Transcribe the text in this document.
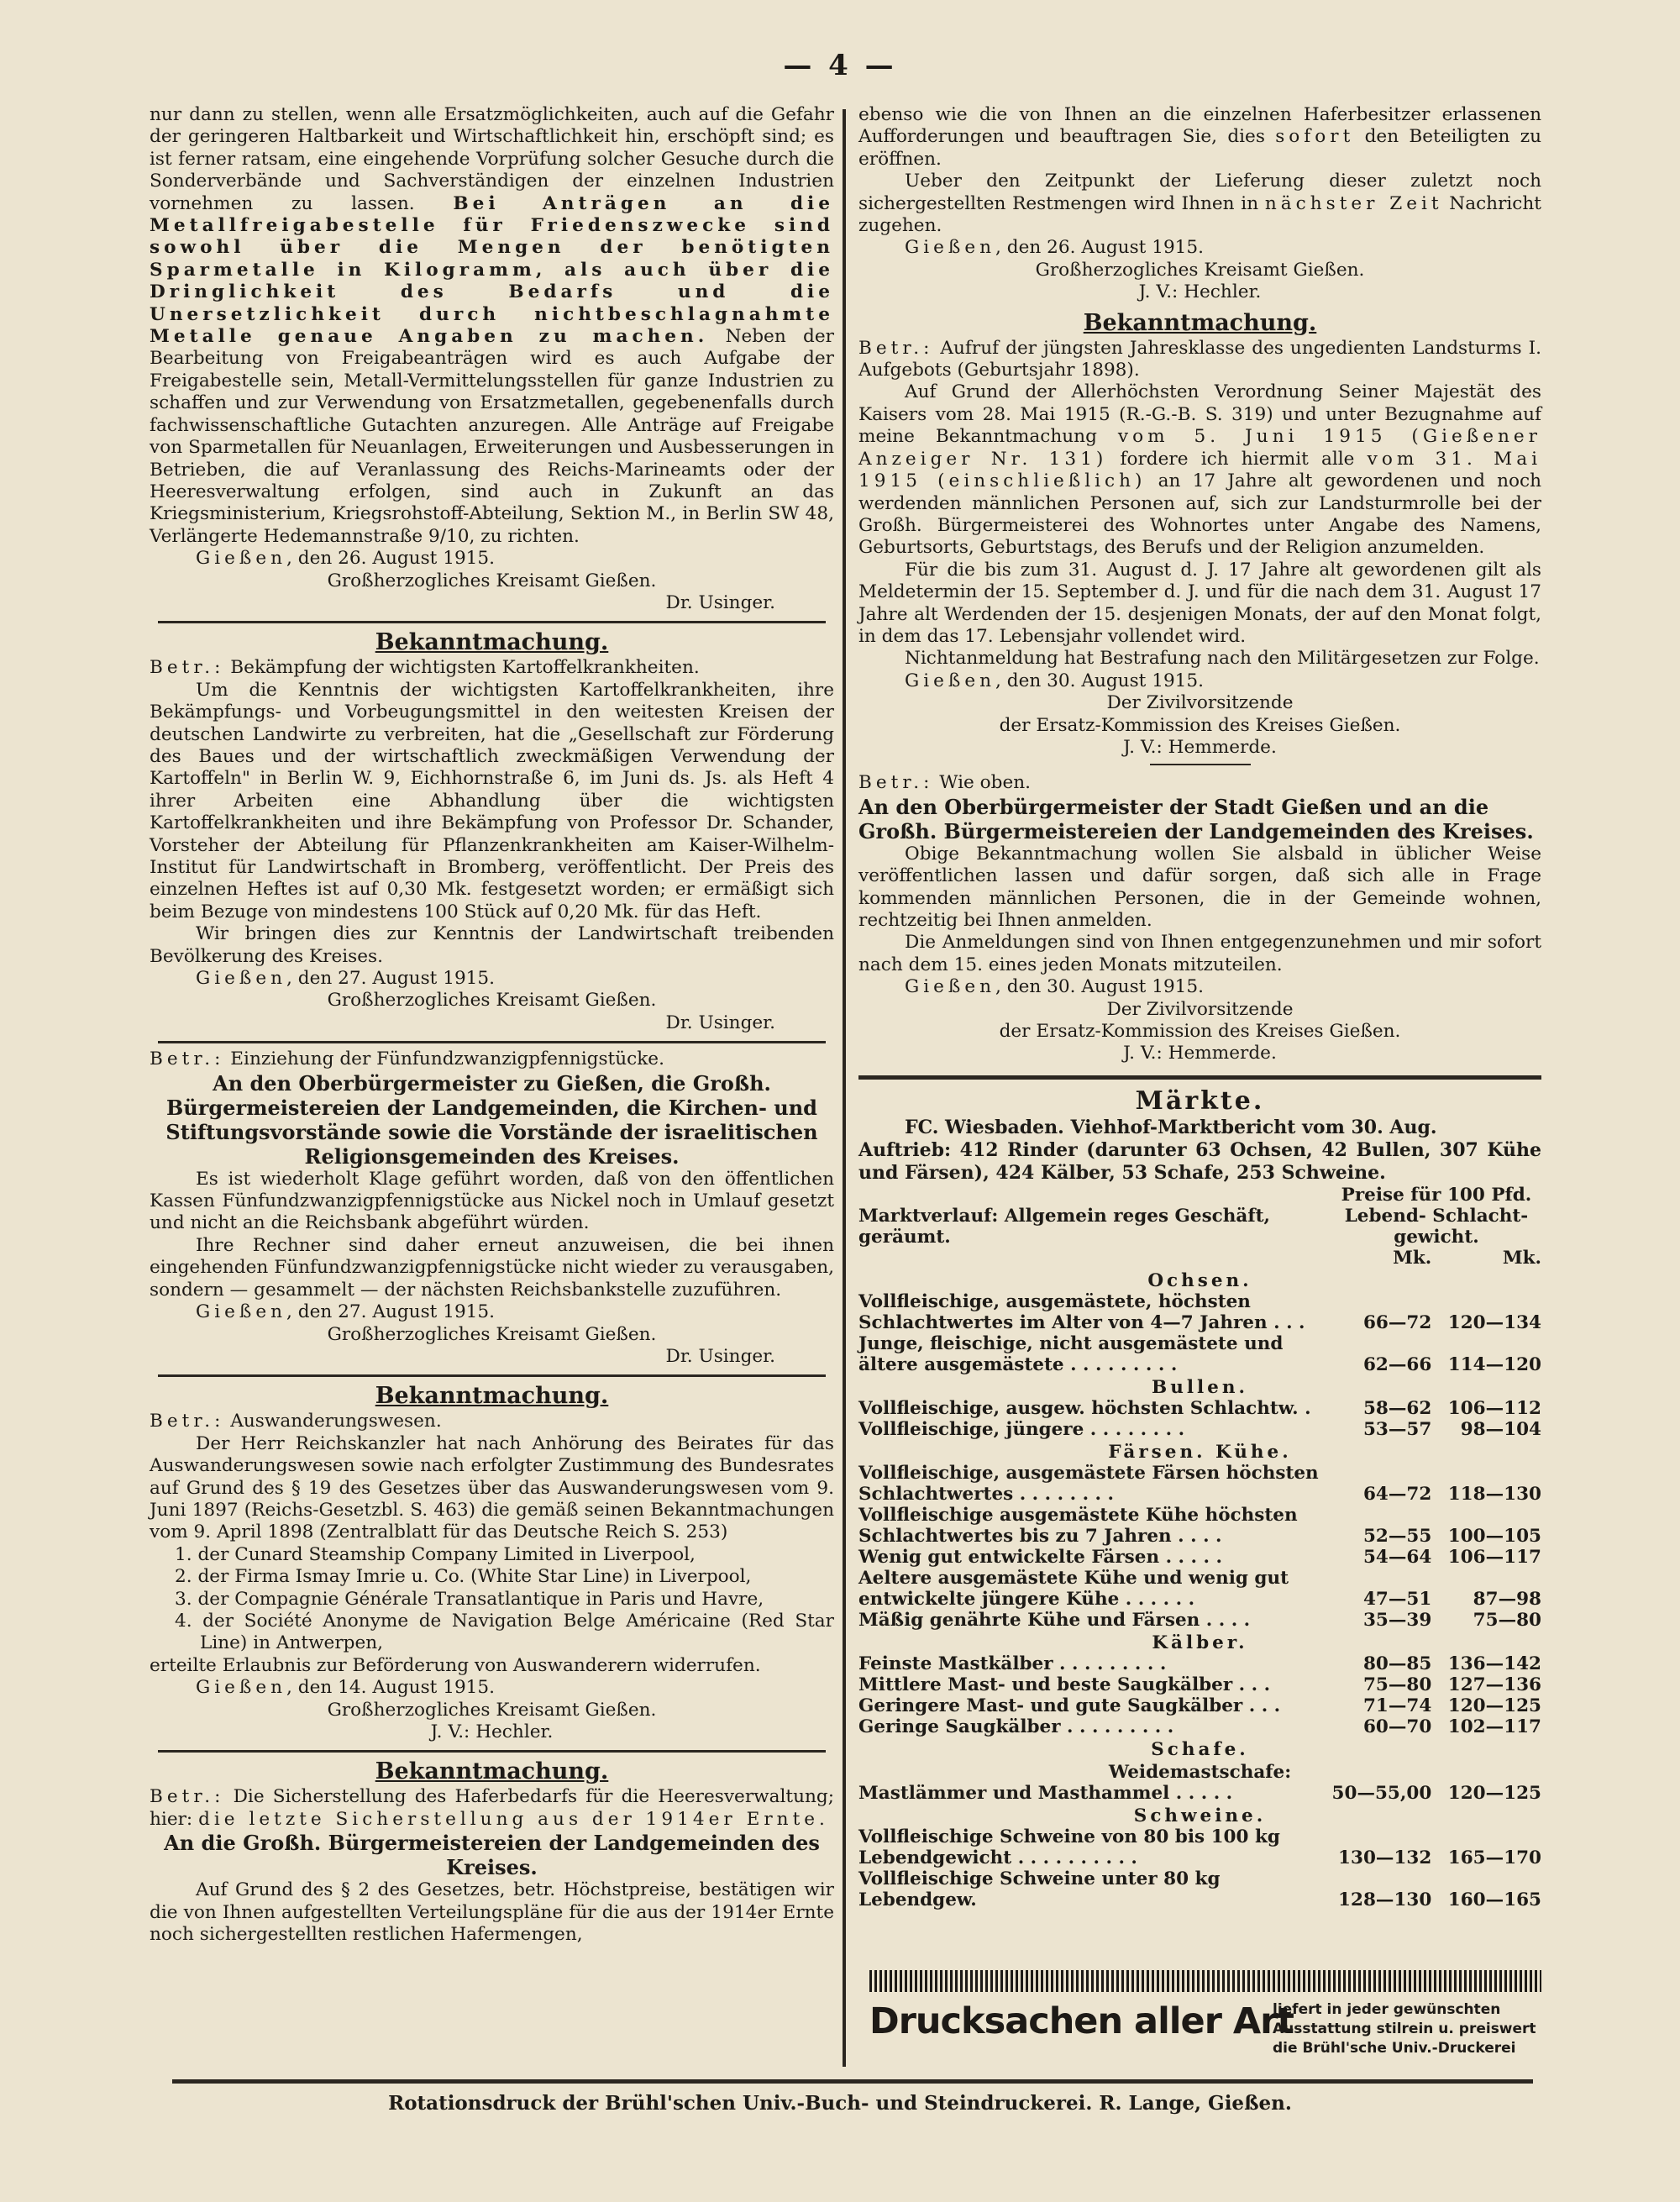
— 4 —

nur dann zu stellen, wenn alle Ersatzmöglichkeiten, auch auf die Gefahr der geringeren Haltbarkeit und Wirtschaftlichkeit hin, erschöpft sind; es ist ferner ratsam, eine eingehende Vorprüfung solcher Gesuche durch die Sonderverbände und Sachverständigen der einzelnen Industrien vornehmen zu lassen. Bei Anträgen an die Metallfreigabestelle für Friedenszwecke sind sowohl über die Mengen der benötigten Sparmetalle in Kilogramm, als auch über die Dringlichkeit des Bedarfs und die Unersetzlichkeit durch nichtbeschlagnahmte Metalle genaue Angaben zu machen. Neben der Bearbeitung von Freigabeanträgen wird es auch Aufgabe der Freigabestelle sein, Metall-Vermittelungsstellen für ganze Industrien zu schaffen und zur Verwendung von Ersatzmetallen, gegebenenfalls durch fachwissenschaftliche Gutachten anzuregen. Alle Anträge auf Freigabe von Sparmetallen für Neuanlagen, Erweiterungen und Ausbesserungen in Betrieben, die auf Veranlassung des Reichs-Marineamts oder der Heeresverwaltung erfolgen, sind auch in Zukunft an das Kriegsministerium, Kriegsrohstoff-Abteilung, Sektion M., in Berlin SW 48, Verlängerte Hedemannstraße 9/10, zu richten.

Gießen, den 26. August 1915.

Großherzogliches Kreisamt Gießen.

Dr. Usinger.

Bekanntmachung.

Betr.: Bekämpfung der wichtigsten Kartoffelkrankheiten.

Um die Kenntnis der wichtigsten Kartoffelkrankheiten, ihre Bekämpfungs- und Vorbeugungsmittel in den weitesten Kreisen der deutschen Landwirte zu verbreiten, hat die „Gesellschaft zur Förderung des Baues und der wirtschaftlich zweckmäßigen Verwendung der Kartoffeln" in Berlin W. 9, Eichhornstraße 6, im Juni ds. Js. als Heft 4 ihrer Arbeiten eine Abhandlung über die wichtigsten Kartoffelkrankheiten und ihre Bekämpfung von Professor Dr. Schander, Vorsteher der Abteilung für Pflanzenkrankheiten am Kaiser-Wilhelm-Institut für Landwirtschaft in Bromberg, veröffentlicht. Der Preis des einzelnen Heftes ist auf 0,30 Mk. festgesetzt worden; er ermäßigt sich beim Bezuge von mindestens 100 Stück auf 0,20 Mk. für das Heft.

Wir bringen dies zur Kenntnis der Landwirtschaft treibenden Bevölkerung des Kreises.

Gießen, den 27. August 1915.

Großherzogliches Kreisamt Gießen.

Dr. Usinger.

Betr.: Einziehung der Fünfundzwanzigpfennigstücke.

An den Oberbürgermeister zu Gießen, die Großh. Bürgermeistereien der Landgemeinden, die Kirchen- und Stiftungsvorstände sowie die Vorstände der israelitischen Religionsgemeinden des Kreises.

Es ist wiederholt Klage geführt worden, daß von den öffentlichen Kassen Fünfundzwanzigpfennigstücke aus Nickel noch in Umlauf gesetzt und nicht an die Reichsbank abgeführt würden.

Ihre Rechner sind daher erneut anzuweisen, die bei ihnen eingehenden Fünfundzwanzigpfennigstücke nicht wieder zu verausgaben, sondern — gesammelt — der nächsten Reichsbankstelle zuzuführen.

Gießen, den 27. August 1915.

Großherzogliches Kreisamt Gießen.

Dr. Usinger.

Bekanntmachung.

Betr.: Auswanderungswesen.

Der Herr Reichskanzler hat nach Anhörung des Beirates für das Auswanderungswesen sowie nach erfolgter Zustimmung des Bundesrates auf Grund des § 19 des Gesetzes über das Auswanderungswesen vom 9. Juni 1897 (Reichs-Gesetzbl. S. 463) die gemäß seinen Bekanntmachungen vom 9. April 1898 (Zentralblatt für das Deutsche Reich S. 253)

1. der Cunard Steamship Company Limited in Liverpool,

2. der Firma Ismay Imrie u. Co. (White Star Line) in Liverpool,

3. der Compagnie Générale Transatlantique in Paris und Havre,

4. der Société Anonyme de Navigation Belge Américaine (Red Star Line) in Antwerpen,

erteilte Erlaubnis zur Beförderung von Auswanderern widerrufen.

Gießen, den 14. August 1915.

Großherzogliches Kreisamt Gießen.

J. V.: Hechler.

Bekanntmachung.

Betr.: Die Sicherstellung des Haferbedarfs für die Heeresverwaltung; hier: die letzte Sicherstellung aus der 1914er Ernte.

An die Großh. Bürgermeistereien der Landgemeinden des Kreises.

Auf Grund des § 2 des Gesetzes, betr. Höchstpreise, bestätigen wir die von Ihnen aufgestellten Verteilungspläne für die aus der 1914er Ernte noch sichergestellten restlichen Hafermengen,

ebenso wie die von Ihnen an die einzelnen Haferbesitzer erlassenen Aufforderungen und beauftragen Sie, dies sofort den Beteiligten zu eröffnen.

Ueber den Zeitpunkt der Lieferung dieser zuletzt noch sichergestellten Restmengen wird Ihnen in nächster Zeit Nachricht zugehen.

Gießen, den 26. August 1915.

Großherzogliches Kreisamt Gießen.

J. V.: Hechler.

Bekanntmachung.

Betr.: Aufruf der jüngsten Jahresklasse des ungedienten Landsturms I. Aufgebots (Geburtsjahr 1898).

Auf Grund der Allerhöchsten Verordnung Seiner Majestät des Kaisers vom 28. Mai 1915 (R.-G.-B. S. 319) und unter Bezugnahme auf meine Bekanntmachung vom 5. Juni 1915 (Gießener Anzeiger Nr. 131) fordere ich hiermit alle vom 31. Mai 1915 (einschließlich) an 17 Jahre alt gewordenen und noch werdenden männlichen Personen auf, sich zur Landsturmrolle bei der Großh. Bürgermeisterei des Wohnortes unter Angabe des Namens, Geburtsorts, Geburtstags, des Berufs und der Religion anzumelden.

Für die bis zum 31. August d. J. 17 Jahre alt gewordenen gilt als Meldetermin der 15. September d. J. und für die nach dem 31. August 17 Jahre alt Werdenden der 15. desjenigen Monats, der auf den Monat folgt, in dem das 17. Lebensjahr vollendet wird.

Nichtanmeldung hat Bestrafung nach den Militärgesetzen zur Folge.

Gießen, den 30. August 1915.

Der Zivilvorsitzende

der Ersatz-Kommission des Kreises Gießen.

J. V.: Hemmerde.

Betr.: Wie oben.

An den Oberbürgermeister der Stadt Gießen und an die Großh. Bürgermeistereien der Landgemeinden des Kreises.

Obige Bekanntmachung wollen Sie alsbald in üblicher Weise veröffentlichen lassen und dafür sorgen, daß sich alle in Frage kommenden männlichen Personen, die in der Gemeinde wohnen, rechtzeitig bei Ihnen anmelden.

Die Anmeldungen sind von Ihnen entgegenzunehmen und mir sofort nach dem 15. eines jeden Monats mitzuteilen.

Gießen, den 30. August 1915.

Der Zivilvorsitzende

der Ersatz-Kommission des Kreises Gießen.

J. V.: Hemmerde.

Märkte.

FC. Wiesbaden. Viehhof-Marktbericht vom 30. Aug.

Auftrieb: 412 Rinder (darunter 63 Ochsen, 42 Bullen, 307 Kühe und Färsen), 424 Kälber, 53 Schafe, 253 Schweine.

Marktverlauf: Allgemein reges Geschäft, geräumt.	Preise für 100 Pfd.
Lebend- Schlacht-
gewicht.	

	Mk.	Mk.
Ochsen.		
Vollfleischige, ausgemästete, höchsten Schlachtwertes im Alter von 4—7 Jahren . . .	66—72	120—134
Junge, fleischige, nicht ausgemästete und ältere ausgemästete . . . . . . . . .	62—66	114—120
Bullen.		
Vollfleischige, ausgew. höchsten Schlachtw. .	58—62	106—112
Vollfleischige, jüngere . . . . . . . .	53—57	98—104
Färsen. Kühe.		
Vollfleischige, ausgemästete Färsen höchsten Schlachtwertes . . . . . . . .	64—72	118—130
Vollfleischige ausgemästete Kühe höchsten Schlachtwertes bis zu 7 Jahren . . . .	52—55	100—105
Wenig gut entwickelte Färsen . . . . .	54—64	106—117
Aeltere ausgemästete Kühe und wenig gut entwickelte jüngere Kühe . . . . . .	47—51	87—98
Mäßig genährte Kühe und Färsen . . . .	35—39	75—80
Kälber.		
Feinste Mastkälber . . . . . . . . .	80—85	136—142
Mittlere Mast- und beste Saugkälber . . .	75—80	127—136
Geringere Mast- und gute Saugkälber . . .	71—74	120—125
Geringe Saugkälber . . . . . . . . .	60—70	102—117
Schafe.		
Weidemastschafe:		
Mastlämmer und Masthammel . . . . .	50—55,00	120—125
Schweine.		
Vollfleischige Schweine von 80 bis 100 kg Lebendgewicht . . . . . . . . . .	130—132	165—170
Vollfleischige Schweine unter 80 kg Lebendgew.	128—130	160—165
Drucksachen aller Art
liefert in jeder gewünschten
Ausstattung stilrein u. preiswert
die Brühl'sche Univ.-Druckerei
Rotationsdruck der Brühl'schen Univ.-Buch- und Steindruckerei. R. Lange, Gießen.
